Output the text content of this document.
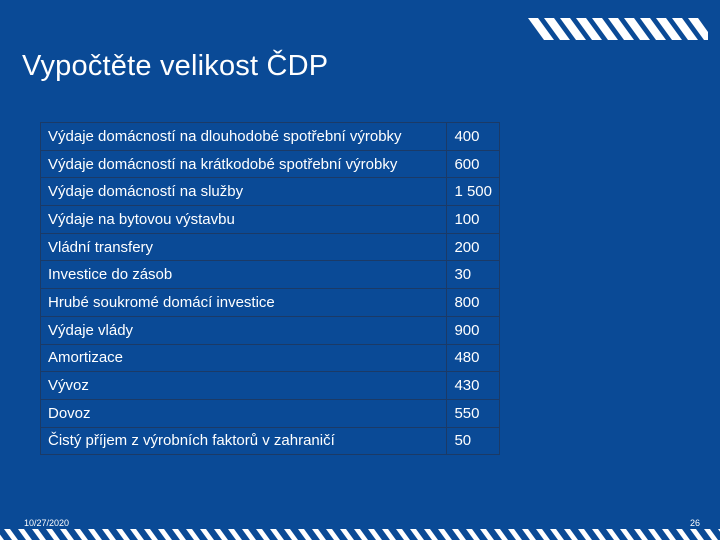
Vypočtěte velikost ČDP
Výdaje domácností na dlouhodobé spotřební výrobky	400
Výdaje domácností na krátkodobé spotřební výrobky	600
Výdaje domácností na služby	1 500
Výdaje na bytovou výstavbu	100
Vládní transfery	200
Investice do zásob	30
Hrubé soukromé domácí investice	800
Výdaje vlády	900
Amortizace	480
Vývoz	430
Dovoz	550
Čistý příjem z výrobních faktorů v zahraničí	50
10/27/2020	26
